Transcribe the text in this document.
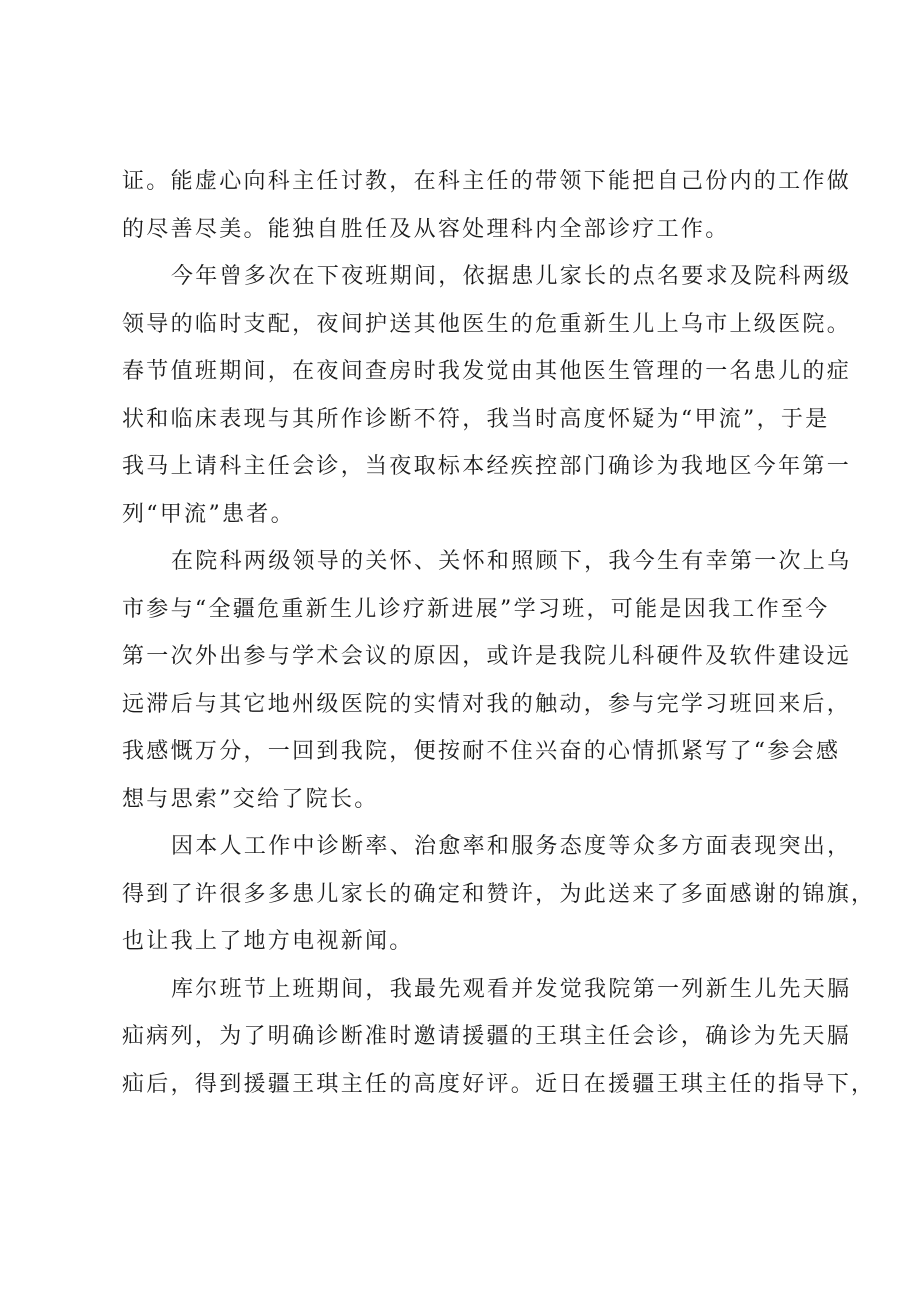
证。能虚心向科主任讨教，在科主任的带领下能把自己份内的工作做
的尽善尽美。能独自胜任及从容处理科内全部诊疗工作。
今年曾多次在下夜班期间，依据患儿家长的点名要求及院科两级
领导的临时支配，夜间护送其他医生的危重新生儿上乌市上级医院。
春节值班期间，在夜间查房时我发觉由其他医生管理的一名患儿的症
状和临床表现与其所作诊断不符，我当时高度怀疑为“甲流”，于是
我马上请科主任会诊，当夜取标本经疾控部门确诊为我地区今年第一
列“甲流”患者。
在院科两级领导的关怀、关怀和照顾下，我今生有幸第一次上乌
市参与“全疆危重新生儿诊疗新进展”学习班，可能是因我工作至今
第一次外出参与学术会议的原因，或许是我院儿科硬件及软件建设远
远滞后与其它地州级医院的实情对我的触动，参与完学习班回来后，
我感慨万分，一回到我院，便按耐不住兴奋的心情抓紧写了“参会感
想与思索”交给了院长。
因本人工作中诊断率、治愈率和服务态度等众多方面表现突出，
得到了许很多多患儿家长的确定和赞许，为此送来了多面感谢的锦旗，
也让我上了地方电视新闻。
库尔班节上班期间，我最先观看并发觉我院第一列新生儿先天膈
疝病列，为了明确诊断准时邀请援疆的王琪主任会诊，确诊为先天膈
疝后，得到援疆王琪主任的高度好评。近日在援疆王琪主任的指导下，
